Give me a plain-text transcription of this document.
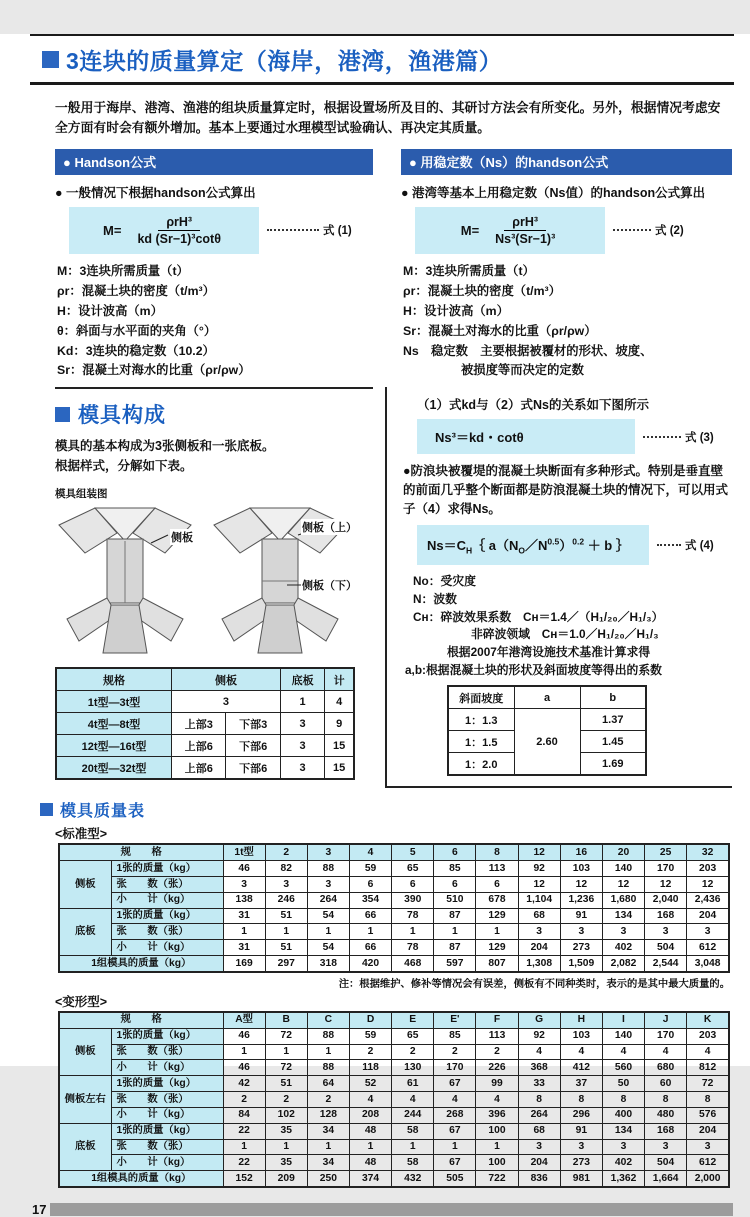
3连块的质量算定（海岸，港湾，渔港篇）
一般用于海岸、港湾、渔港的组块质量算定时，根据设置场所及目的、其研讨方法会有所变化。另外，根据情况考虑安全方面有时会有额外增加。基本上要通过水理模型试验确认、再决定其质量。
● Handson公式
● 一般情况下根据handson公式算出
$M= \frac{\text{ρrH³}}{\text{kd (Sr−1)³cotθ}}$	式 (1)
M：3连块所需质量（t）
ρr：混凝土块的密度（t/m³）
H：设计波高（m）
θ：斜面与水平面的夹角（°）
Kd：3连块的稳定数（10.2）
Sr：混凝土对海水的比重（ρr/ρw）
● 用稳定数（Ns）的handson公式
● 港湾等基本上用稳定数（Ns值）的handson公式算出
$M= \frac{\text{ρrH³}}{\text{Ns³(Sr−1)³}}$	式 (2)
M：3连块所需质量（t）
ρr：混凝土块的密度（t/m³）
H：设计波高（m）
Sr：混凝土对海水的比重（ρr/ρw）
Ns　稳定数　主要根据被覆材的形状、坡度、
被损度等而决定的定数
模具构成
模具的基本构成为3张侧板和一张底板。
根据样式，分解如下表。
模具组装图
侧板
侧板（上）
侧板（下）
规格	侧板		底板	计
1t型—3t型	3		1	4
4t型—8t型	上部3	下部3	3	9
12t型—16t型	上部6	下部6	3	15
20t型—32t型	上部6	下部6	3	15
（1）式kd与（2）式Ns的关系如下图所示
Ns³＝kd・cotθ	式 (3)
●防浪块被覆堤的混凝土块断面有多种形式。特别是垂直壁的前面几乎整个断面都是防浪混凝土块的情况下，可以用式子（4）求得Ns。
$Ns=C_H\{$ $a(N_O/N^{0.5})^{0.2} + b$ ｝	式 (4)
No：受灾度
N：波数
Cʜ：碎波效果系数　Cʜ＝1.4／（H₁/₂₀／H₁/₃）
非碎波领域　Cʜ＝1.0／H₁/₂₀／H₁/₃
根据2007年港湾设施技术基准计算求得
a,b:根据混凝土块的形状及斜面坡度等得出的系数
斜面坡度	a	b
1：1.3	2.60	1.37
1：1.5		1.45
1：2.0		1.69
模具质量表
<标准型>
规　　格		1t型	2	3	4	5	6	8	12	16	20	25	32
侧板	1张的质量（kg）	46	82	88	59	65	85	113	92	103	140	170	203
	张　　数（张）	3	3	3	6	6	6	6	12	12	12	12	12
	小　　计（kg）	138	246	264	354	390	510	678	1,104	1,236	1,680	2,040	2,436
底板	1张的质量（kg）	31	51	54	66	78	87	129	68	91	134	168	204
	张　　数（张）	1	1	1	1	1	1	1	3	3	3	3	3
	小　　计（kg）	31	51	54	66	78	87	129	204	273	402	504	612
1组模具的质量（kg）		169	297	318	420	468	597	807	1,308	1,509	2,082	2,544	3,048
注：根据维护、修补等情况会有误差，侧板有不同种类时，表示的是其中最大质量的。
<变形型>
规　　格		A型	B	C	D	E	E'	F	G	H	I	J	K
侧板	1张的质量（kg）	46	72	88	59	65	85	113	92	103	140	170	203
	张　　数（张）	1	1	1	2	2	2	2	4	4	4	4	4
	小　　计（kg）	46	72	88	118	130	170	226	368	412	560	680	812
侧板左右	1张的质量（kg）	42	51	64	52	61	67	99	33	37	50	60	72
	张　　数（张）	2	2	2	4	4	4	4	8	8	8	8	8
	小　　计（kg）	84	102	128	208	244	268	396	264	296	400	480	576
底板	1张的质量（kg）	22	35	34	48	58	67	100	68	91	134	168	204
	张　　数（张）	1	1	1	1	1	1	1	3	3	3	3	3
	小　　计（kg）	22	35	34	48	58	67	100	204	273	402	504	612
1组模具的质量（kg）		152	209	250	374	432	505	722	836	981	1,362	1,664	2,000
17
